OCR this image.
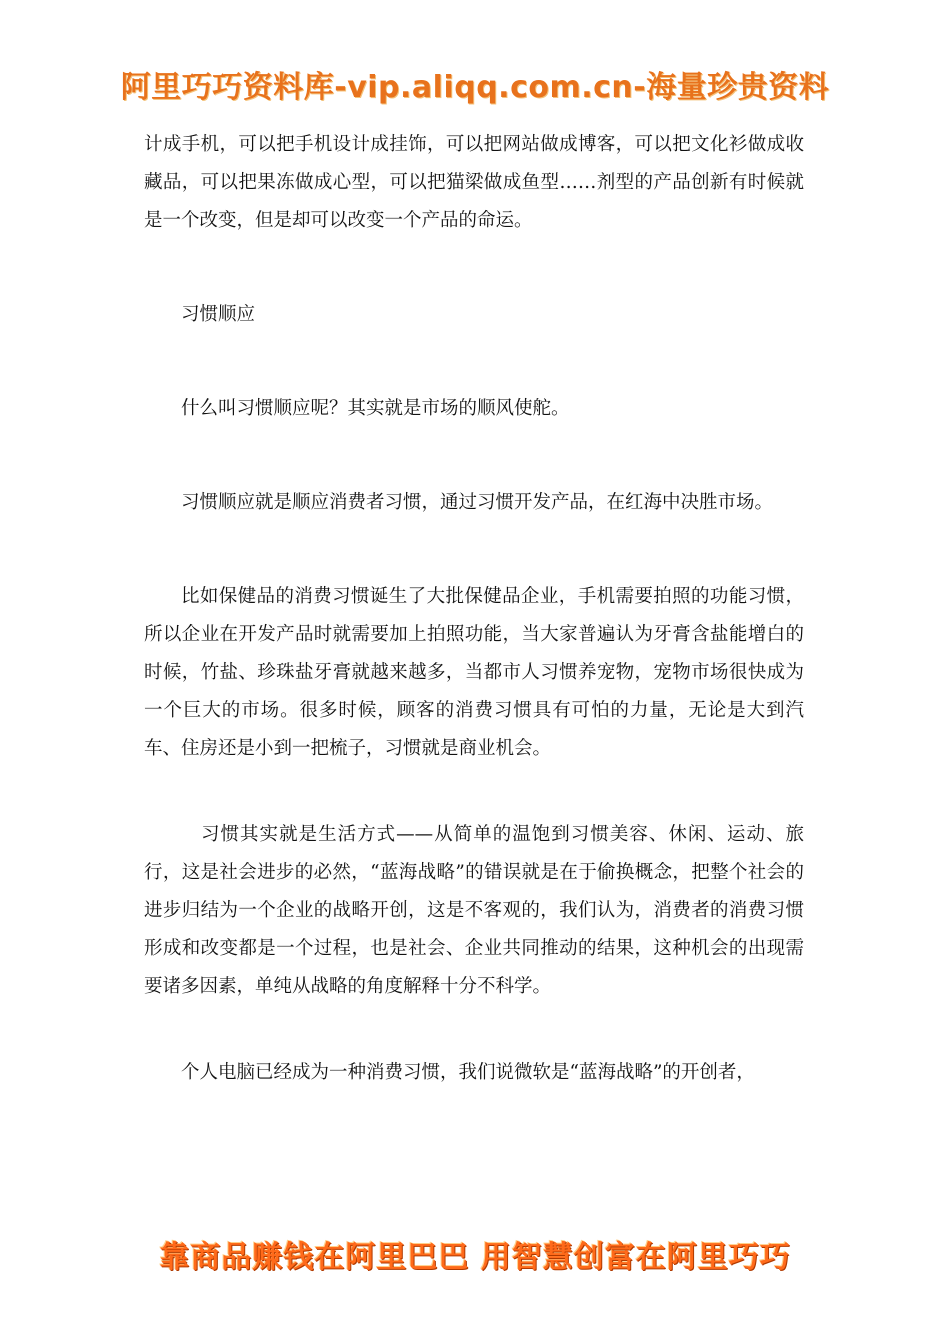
阿里巧巧资料库-vip.aliqq.com.cn-海量珍贵资料

计成手机，可以把手机设计成挂饰，可以把网站做成博客，可以把文化衫做成收藏品，可以把果冻做成心型，可以把猫梁做成鱼型……剂型的产品创新有时候就是一个改变，但是却可以改变一个产品的命运。

习惯顺应

什么叫习惯顺应呢？其实就是市场的顺风使舵。

习惯顺应就是顺应消费者习惯，通过习惯开发产品，在红海中决胜市场。

比如保健品的消费习惯诞生了大批保健品企业，手机需要拍照的功能习惯，所以企业在开发产品时就需要加上拍照功能，当大家普遍认为牙膏含盐能增白的时候，竹盐、珍珠盐牙膏就越来越多，当都市人习惯养宠物，宠物市场很快成为一个巨大的市场。很多时候，顾客的消费习惯具有可怕的力量，无论是大到汽车、住房还是小到一把梳子，习惯就是商业机会。

习惯其实就是生活方式——从简单的温饱到习惯美容、休闲、运动、旅行，这是社会进步的必然，“蓝海战略”的错误就是在于偷换概念，把整个社会的进步归结为一个企业的战略开创，这是不客观的，我们认为，消费者的消费习惯形成和改变都是一个过程，也是社会、企业共同推动的结果，这种机会的出现需要诸多因素，单纯从战略的角度解释十分不科学。

个人电脑已经成为一种消费习惯，我们说微软是“蓝海战略”的开创者，

靠商品赚钱在阿里巴巴 用智慧创富在阿里巧巧
